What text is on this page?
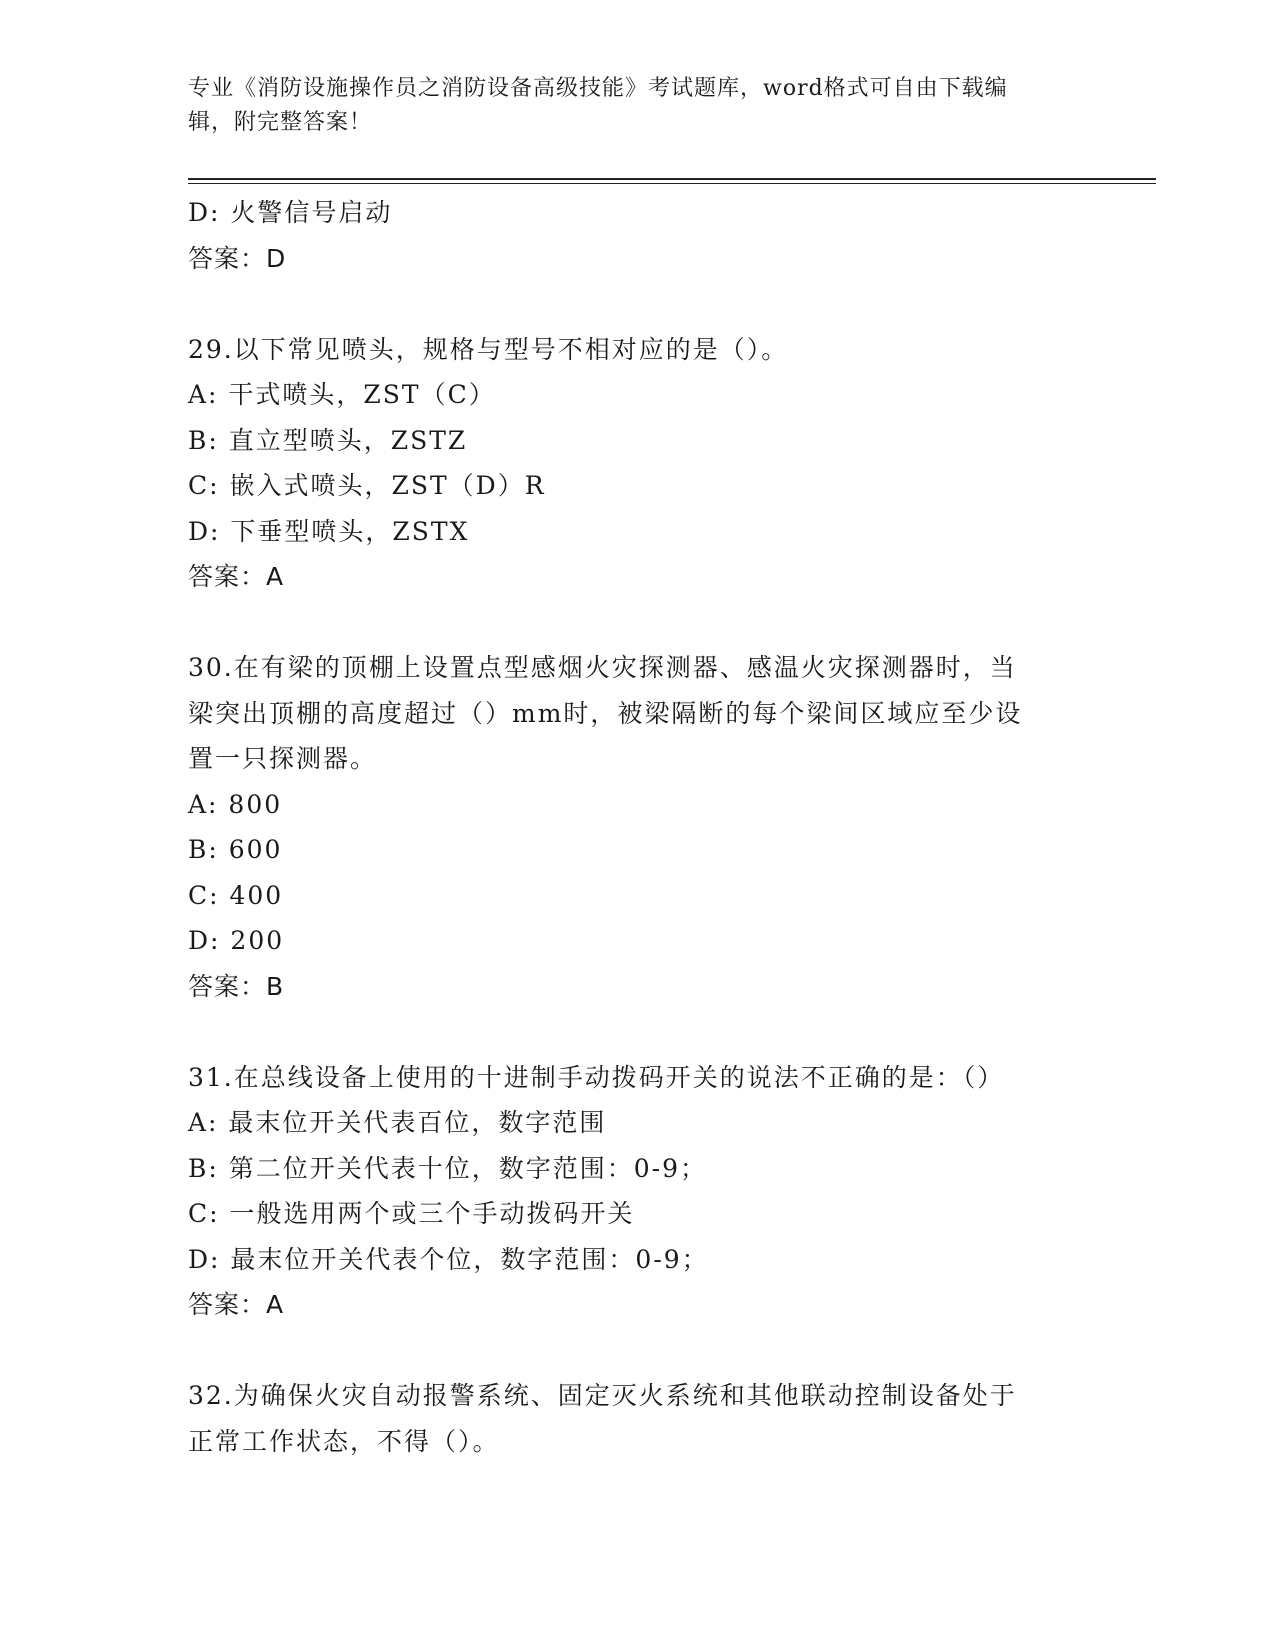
专业《消防设施操作员之消防设备高级技能》考试题库，word格式可自由下载编
辑，附完整答案！
D: 火警信号启动
答案：D
29.以下常见喷头，规格与型号不相对应的是（）。
A: 干式喷头，ZST（C）
B: 直立型喷头，ZSTZ
C: 嵌入式喷头，ZST（D）R
D: 下垂型喷头，ZSTX
答案：A
30.在有梁的顶棚上设置点型感烟火灾探测器、感温火灾探测器时，当
梁突出顶棚的高度超过（）mm时，被梁隔断的每个梁间区域应至少设
置一只探测器。
A: 800
B: 600
C: 400
D: 200
答案：B
31.在总线设备上使用的十进制手动拨码开关的说法不正确的是：（）
A: 最末位开关代表百位，数字范围
B: 第二位开关代表十位，数字范围：0-9；
C: 一般选用两个或三个手动拨码开关
D: 最末位开关代表个位，数字范围：0-9；
答案：A
32.为确保火灾自动报警系统、固定灭火系统和其他联动控制设备处于
正常工作状态，不得（）。
